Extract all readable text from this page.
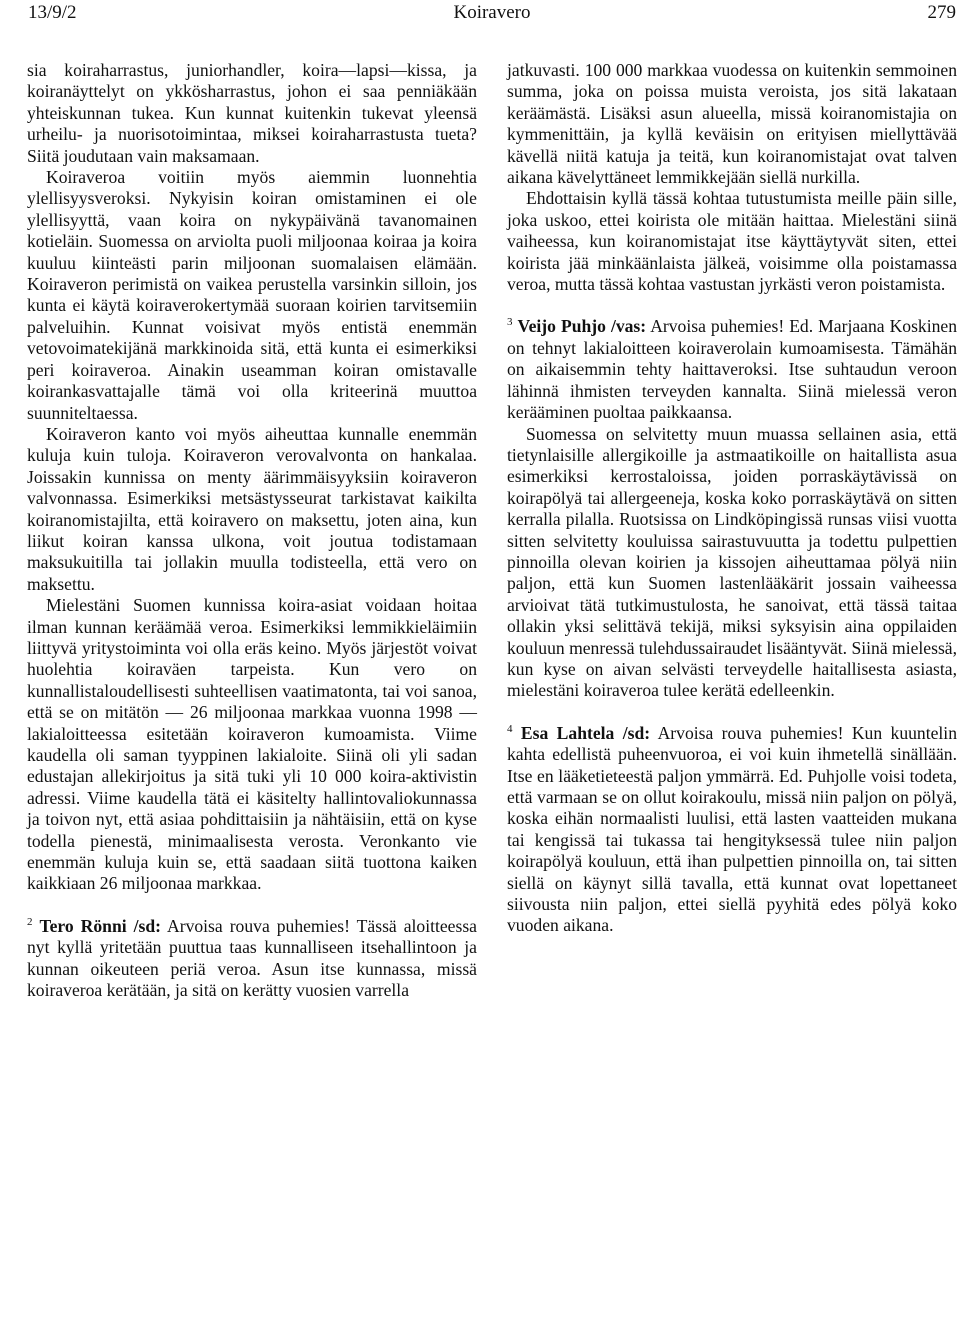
13/9/2	Koiravero	279

sia koiraharrastus, juniorhandler, koira—lapsi—kissa, ja koiranäyttelyt on ykkösharrastus, johon ei saa penniäkään yhteiskunnan tukea. Kun kunnat kuitenkin tukevat yleensä urheilu- ja nuorisotoimintaa, miksei koiraharrastusta tueta? Siitä joudutaan vain maksamaan.

Koiraveroa voitiin myös aiemmin luonnehtia ylellisyysveroksi. Nykyisin koiran omistaminen ei ole ylellisyyttä, vaan koira on nykypäivänä tavanomainen kotieläin. Suomessa on arviolta puoli miljoonaa koiraa ja koira kuuluu kiinteästi parin miljoonan suomalaisen elämään. Koiraveron perimistä on vaikea perustella varsinkin silloin, jos kunta ei käytä koiraverokertymää suoraan koirien tarvitsemiin palveluihin. Kunnat voisivat myös entistä enemmän vetovoimatekijänä markkinoida sitä, että kunta ei esimerkiksi peri koiraveroa. Ainakin useamman koiran omistavalle koirankasvattajalle tämä voi olla kriteerinä muuttoa suunniteltaessa.

Koiraveron kanto voi myös aiheuttaa kunnalle enemmän kuluja kuin tuloja. Koiraveron verovalvonta on hankalaa. Joissakin kunnissa on menty äärimmäisyyksiin koiraveron valvonnassa. Esimerkiksi metsästysseurat tarkistavat kaikilta koiranomistajilta, että koiravero on maksettu, joten aina, kun liikut koiran kanssa ulkona, voit joutua todistamaan maksukuitilla tai jollakin muulla todisteella, että vero on maksettu.

Mielestäni Suomen kunnissa koira-asiat voidaan hoitaa ilman kunnan keräämää veroa. Esimerkiksi lemmikkieläimiin liittyvä yritystoiminta voi olla eräs keino. Myös järjestöt voivat huolehtia koiraväen tarpeista. Kun vero on kunnallistaloudellisesti suhteellisen vaatimatonta, tai voi sanoa, että se on mitätön — 26 miljoonaa markkaa vuonna 1998 — lakialoitteessa esitetään koiraveron kumoamista. Viime kaudella oli saman tyyppinen lakialoite. Siinä oli yli sadan edustajan allekirjoitus ja sitä tuki yli 10 000 koira-aktivistin adressi. Viime kaudella tätä ei käsitelty hallintovaliokunnassa ja toivon nyt, että asiaa pohdittaisiin ja nähtäisiin, että on kyse todella pienestä, minimaalisesta verosta. Veronkanto vie enemmän kuluja kuin se, että saadaan siitä tuottona kaiken kaikkiaan 26 miljoonaa markkaa.

$^2$ Tero Rönni /sd: Arvoisa rouva puhemies! Tässä aloitteessa nyt kyllä yritetään puuttua taas kunnalliseen itsehallintoon ja kunnan oikeuteen periä veroa. Asun itse kunnassa, missä koiraveroa kerätään, ja sitä on kerätty vuosien varrella

jatkuvasti. 100 000 markkaa vuodessa on kuitenkin semmoinen summa, joka on poissa muista veroista, jos sitä lakataan keräämästä. Lisäksi asun alueella, missä koiranomistajia on kymmenittäin, ja kyllä keväisin on erityisen miellyttävää kävellä niitä katuja ja teitä, kun koiranomistajat ovat talven aikana kävelyttäneet lemmikkejään siellä nurkilla.

Ehdottaisin kyllä tässä kohtaa tutustumista meille päin sille, joka uskoo, ettei koirista ole mitään haittaa. Mielestäni siinä vaiheessa, kun koiranomistajat itse käyttäytyvät siten, ettei koirista jää minkäänlaista jälkeä, voisimme olla poistamassa veroa, mutta tässä kohtaa vastustan jyrkästi veron poistamista.

$^3$ Veijo Puhjo /vas: Arvoisa puhemies! Ed. Marjaana Koskinen on tehnyt lakialoitteen koiraverolain kumoamisesta. Tämähän on aikaisemmin tehty haittaveroksi. Itse suhtaudun veroon lähinnä ihmisten terveyden kannalta. Siinä mielessä veron kerääminen puoltaa paikkaansa.

Suomessa on selvitetty muun muassa sellainen asia, että tietynlaisille allergikoille ja astmaatikoille on haitallista asua esimerkiksi kerrostaloissa, joiden porraskäytävissä on koirapölyä tai allergeeneja, koska koko porraskäytävä on sitten kerralla pilalla. Ruotsissa on Lindköpingissä runsas viisi vuotta sitten selvitetty kouluissa sairastuvuutta ja todettu pulpettien pinnoilla olevan koirien ja kissojen aiheuttamaa pölyä niin paljon, että kun Suomen lastenlääkärit jossain vaiheessa arvioivat tätä tutkimustulosta, he sanoivat, että tässä taitaa ollakin yksi selittävä tekijä, miksi syksyisin aina oppilaiden kouluun menressä tulehdussairaudet lisääntyvät. Siinä mielessä, kun kyse on aivan selvästi terveydelle haitallisesta asiasta, mielestäni koiraveroa tulee kerätä edelleenkin.

$^4$ Esa Lahtela /sd: Arvoisa rouva puhemies! Kun kuuntelin kahta edellistä puheenvuoroa, ei voi kuin ihmetellä sinällään. Itse en lääketieteestä paljon ymmärrä. Ed. Puhjolle voisi todeta, että varmaan se on ollut koirakoulu, missä niin paljon on pölyä, koska eihän normaalisti luulisi, että lasten vaatteiden mukana tai kengissä tai tukassa tai hengityksessä tulee niin paljon koirapölyä kouluun, että ihan pulpettien pinnoilla on, tai sitten siellä on käynyt sillä tavalla, että kunnat ovat lopettaneet siivousta niin paljon, ettei siellä pyyhitä edes pölyä koko vuoden aikana.
